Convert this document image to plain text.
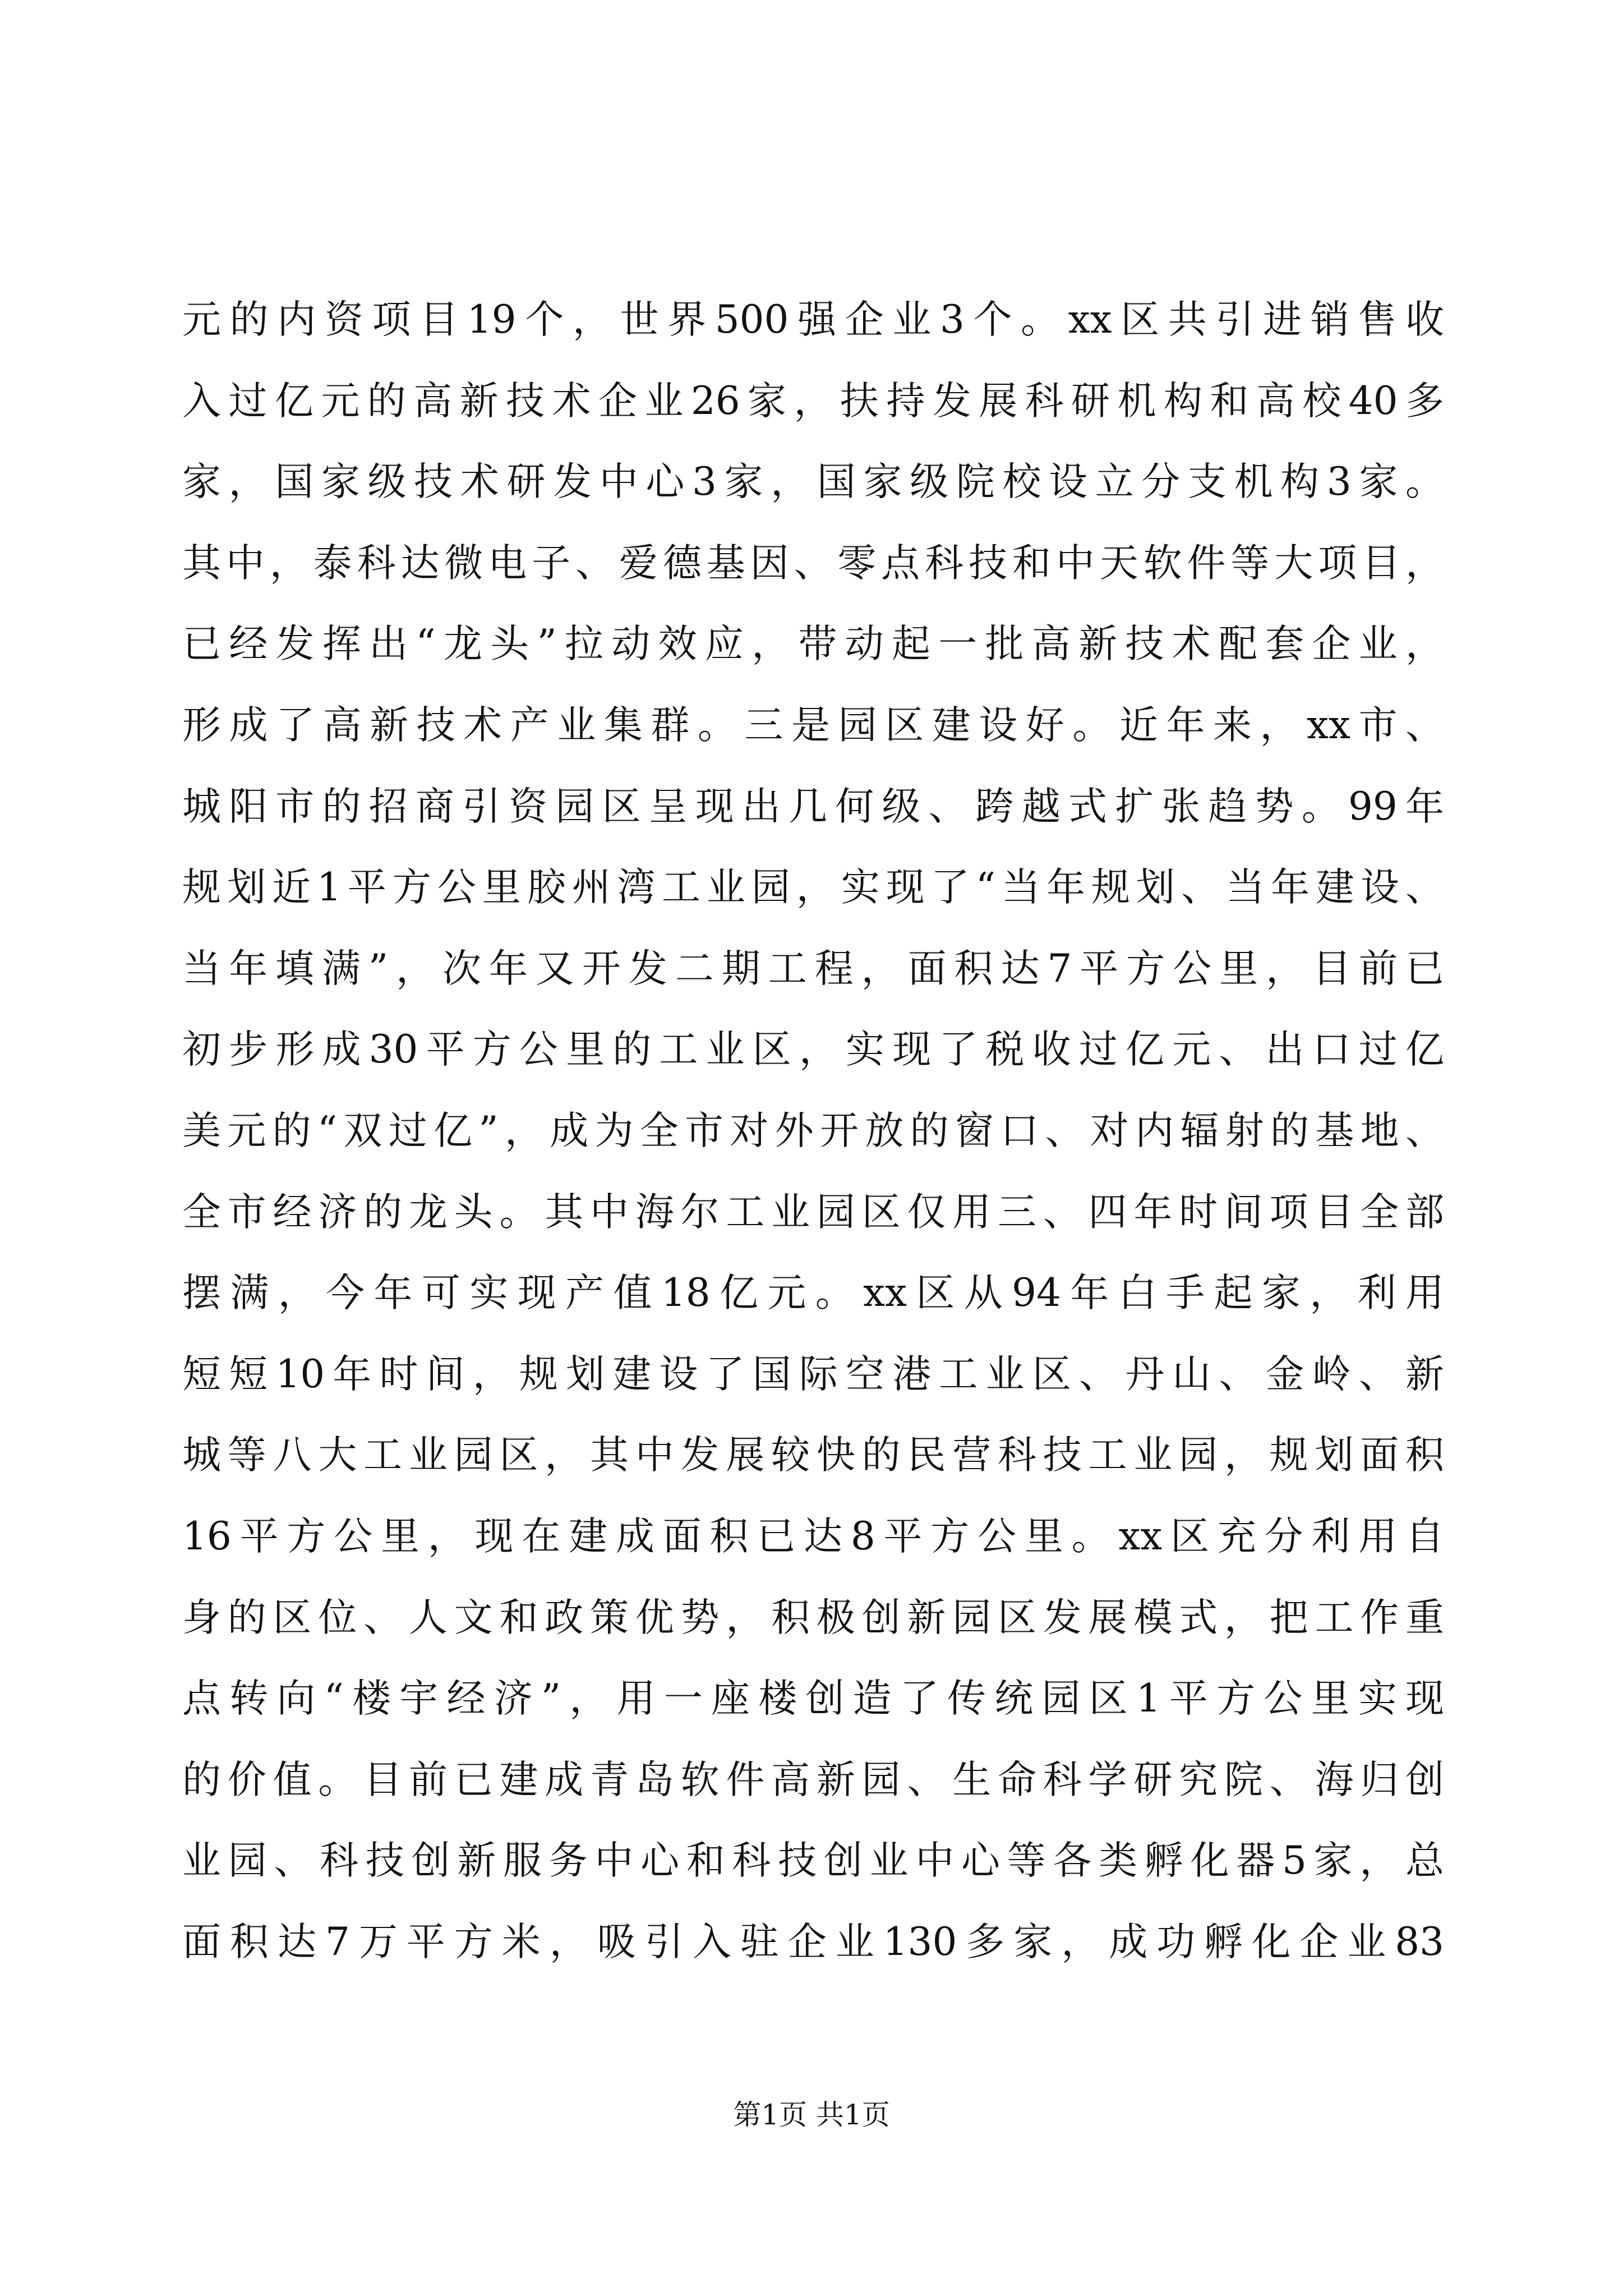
元的内资项目19个，世界500强企业3个。xx区共引进销售收
入过亿元的高新技术企业26家，扶持发展科研机构和高校40多
家，国家级技术研发中心3家，国家级院校设立分支机构3家。
其中，泰科达微电子、爱德基因、零点科技和中天软件等大项目，
已经发挥出“龙头”拉动效应，带动起一批高新技术配套企业，
形成了高新技术产业集群。三是园区建设好。近年来，xx市、
城阳市的招商引资园区呈现出几何级、跨越式扩张趋势。99年
规划近1平方公里胶州湾工业园，实现了“当年规划、当年建设、
当年填满”，次年又开发二期工程，面积达7平方公里，目前已
初步形成30平方公里的工业区，实现了税收过亿元、出口过亿
美元的“双过亿”，成为全市对外开放的窗口、对内辐射的基地、
全市经济的龙头。其中海尔工业园区仅用三、四年时间项目全部
摆满，今年可实现产值18亿元。xx区从94年白手起家，利用
短短10年时间，规划建设了国际空港工业区、丹山、金岭、新
城等八大工业园区，其中发展较快的民营科技工业园，规划面积
16平方公里，现在建成面积已达8平方公里。xx区充分利用自
身的区位、人文和政策优势，积极创新园区发展模式，把工作重
点转向“楼宇经济”，用一座楼创造了传统园区1平方公里实现
的价值。目前已建成青岛软件高新园、生命科学研究院、海归创
业园、科技创新服务中心和科技创业中心等各类孵化器5家，总
面积达7万平方米，吸引入驻企业130多家，成功孵化企业83
第1页 共1页
